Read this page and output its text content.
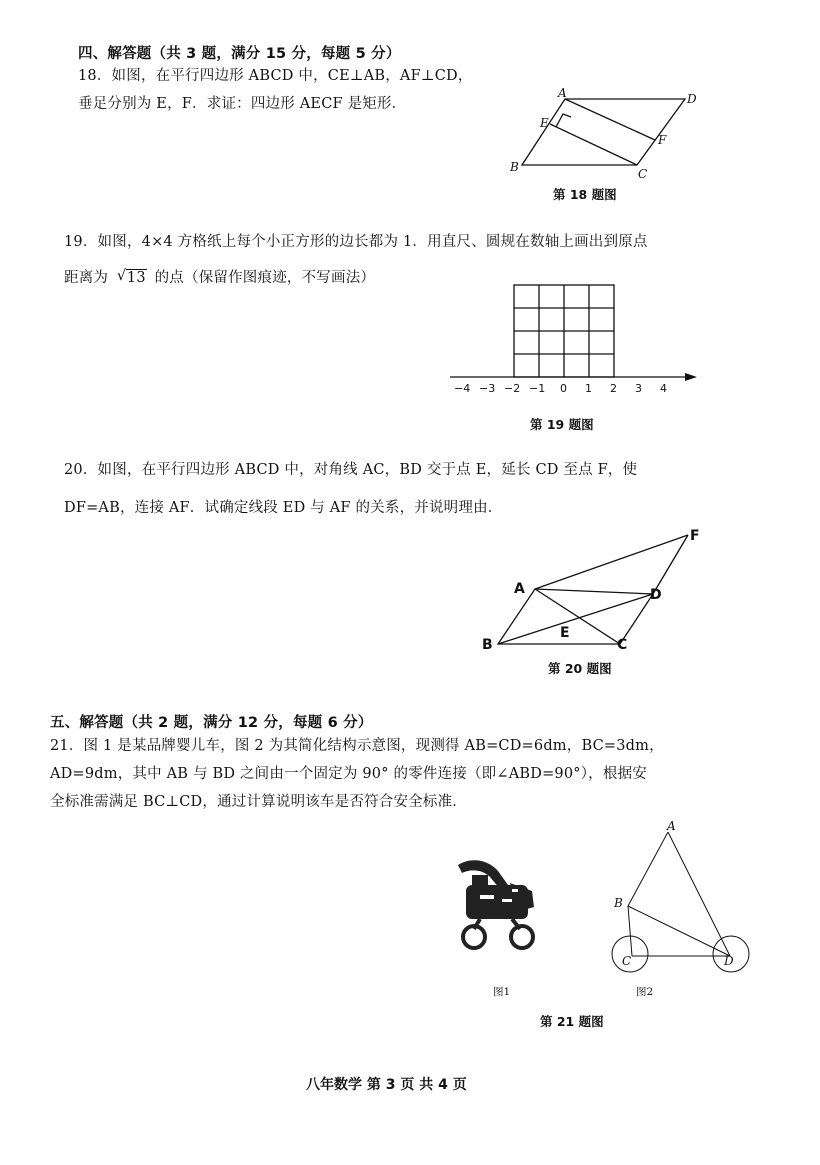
四、解答题（共 3 题，满分 15 分，每题 5 分）
18．如图，在平行四边形 ABCD 中，CE⊥AB，AF⊥CD，
垂足分别为 E，F．求证：四边形 AECF 是矩形．
A	D
E
F
B	C
第 18 题图
19．如图，4×4 方格纸上每个小正方形的边长都为 1．用直尺、圆规在数轴上画出到原点
距离为 √ 13 的点（保留作图痕迹，不写画法）
−4 −3 −2 −1 0 1 2 3 4
第 19 题图
20．如图，在平行四边形 ABCD 中，对角线 AC，BD 交于点 E，延长 CD 至点 F，使
DF=AB，连接 AF．试确定线段 ED 与 AF 的关系，并说明理由．
A
F
D
E
B	C
第 20 题图
五、解答题（共 2 题，满分 12 分，每题 6 分）
21．图 1 是某品牌婴儿车，图 2 为其简化结构示意图，现测得 AB=CD=6dm，BC=3dm，
AD=9dm，其中 AB 与 BD 之间由一个固定为 90° 的零件连接（即∠ABD=90°），根据安
全标准需满足 BC⊥CD，通过计算说明该车是否符合安全标准．
A
B
C	D
图1	图2
第 21 题图
八年数学 第 3 页 共 4 页
